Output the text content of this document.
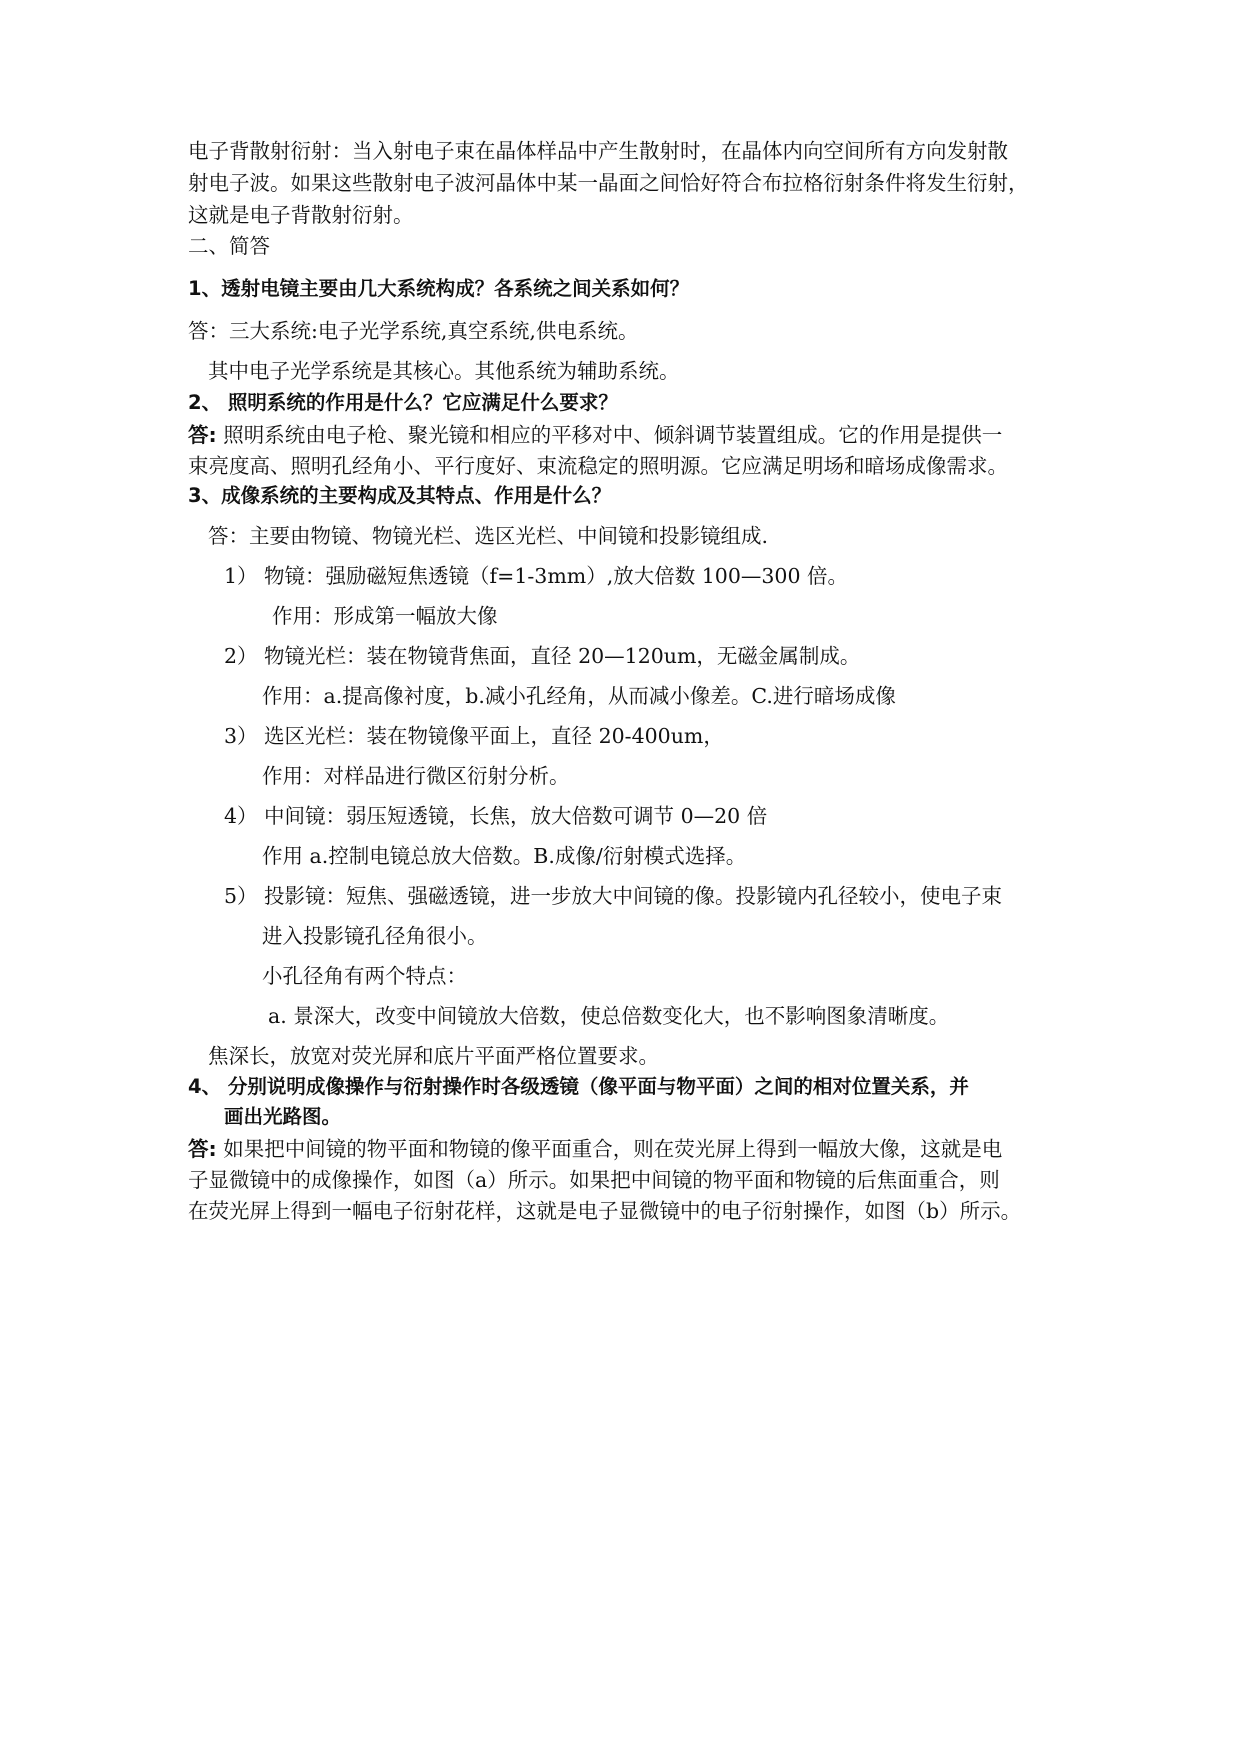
电子背散射衍射：当入射电子束在晶体样品中产生散射时，在晶体内向空间所有方向发射散
射电子波。如果这些散射电子波河晶体中某一晶面之间恰好符合布拉格衍射条件将发生衍射，
这就是电子背散射衍射。
二、简答
1、透射电镜主要由几大系统构成？各系统之间关系如何？
答：三大系统:电子光学系统,真空系统,供电系统。
其中电子光学系统是其核心。其他系统为辅助系统。
2、 照明系统的作用是什么？它应满足什么要求？
答: 照明系统由电子枪、聚光镜和相应的平移对中、倾斜调节装置组成。它的作用是提供一
束亮度高、照明孔经角小、平行度好、束流稳定的照明源。它应满足明场和暗场成像需求。
3、成像系统的主要构成及其特点、作用是什么？
答：主要由物镜、物镜光栏、选区光栏、中间镜和投影镜组成.
1） 物镜：强励磁短焦透镜（f=1-3mm）,放大倍数 100—300 倍。
作用：形成第一幅放大像
2） 物镜光栏：装在物镜背焦面，直径 20—120um，无磁金属制成。
作用：a.提高像衬度，b.减小孔经角，从而减小像差。C.进行暗场成像
3） 选区光栏：装在物镜像平面上，直径 20-400um，
作用：对样品进行微区衍射分析。
4） 中间镜：弱压短透镜，长焦，放大倍数可调节 0—20 倍
作用 a.控制电镜总放大倍数。B.成像/衍射模式选择。
5） 投影镜：短焦、强磁透镜，进一步放大中间镜的像。投影镜内孔径较小，使电子束
进入投影镜孔径角很小。
小孔径角有两个特点：
a. 景深大，改变中间镜放大倍数，使总倍数变化大，也不影响图象清晰度。
焦深长，放宽对荧光屏和底片平面严格位置要求。
4、 分别说明成像操作与衍射操作时各级透镜（像平面与物平面）之间的相对位置关系，并
画出光路图。
答: 如果把中间镜的物平面和物镜的像平面重合，则在荧光屏上得到一幅放大像，这就是电
子显微镜中的成像操作，如图（a）所示。如果把中间镜的物平面和物镜的后焦面重合，则
在荧光屏上得到一幅电子衍射花样，这就是电子显微镜中的电子衍射操作，如图（b）所示。
